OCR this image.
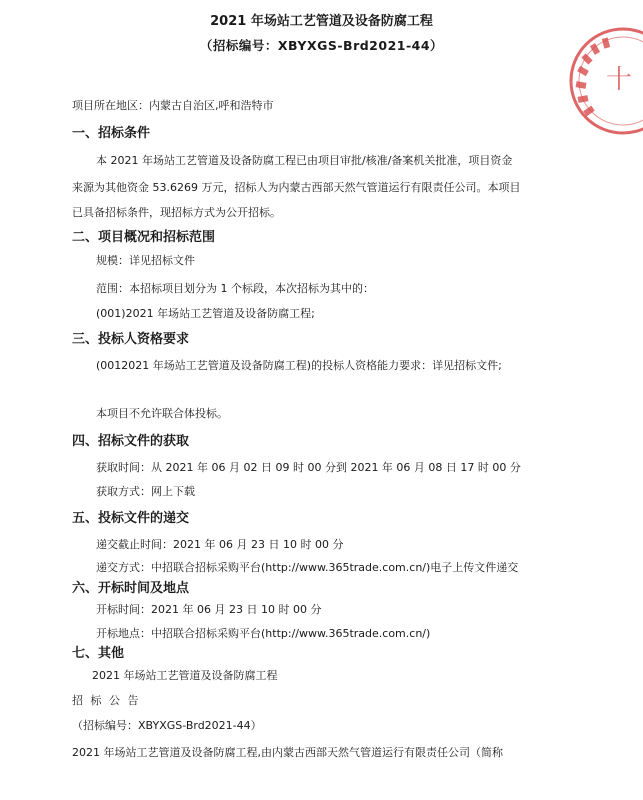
2021 年场站工艺管道及设备防腐工程
（招标编号：XBYXGS-Brd2021-44）
十
项目所在地区：内蒙古自治区,呼和浩特市
一、招标条件
本 2021 年场站工艺管道及设备防腐工程已由项目审批/核准/备案机关批准，项目资金
来源为其他资金 53.6269 万元，招标人为内蒙古西部天然气管道运行有限责任公司。本项目
已具备招标条件，现招标方式为公开招标。
二、项目概况和招标范围
规模：详见招标文件
范围：本招标项目划分为 1 个标段，本次招标为其中的：
(001)2021 年场站工艺管道及设备防腐工程;
三、投标人资格要求
(0012021 年场站工艺管道及设备防腐工程)的投标人资格能力要求：详见招标文件;
本项目不允许联合体投标。
四、招标文件的获取
获取时间：从 2021 年 06 月 02 日 09 时 00 分到 2021 年 06 月 08 日 17 时 00 分
获取方式：网上下载
五、投标文件的递交
递交截止时间：2021 年 06 月 23 日 10 时 00 分
递交方式：中招联合招标采购平台(http://www.365trade.com.cn/)电子上传文件递交
六、开标时间及地点
开标时间：2021 年 06 月 23 日 10 时 00 分
开标地点：中招联合招标采购平台(http://www.365trade.com.cn/)
七、其他
2021 年场站工艺管道及设备防腐工程
招 标 公 告
（招标编号：XBYXGS-Brd2021-44）
2021 年场站工艺管道及设备防腐工程,由内蒙古西部天然气管道运行有限责任公司（简称
